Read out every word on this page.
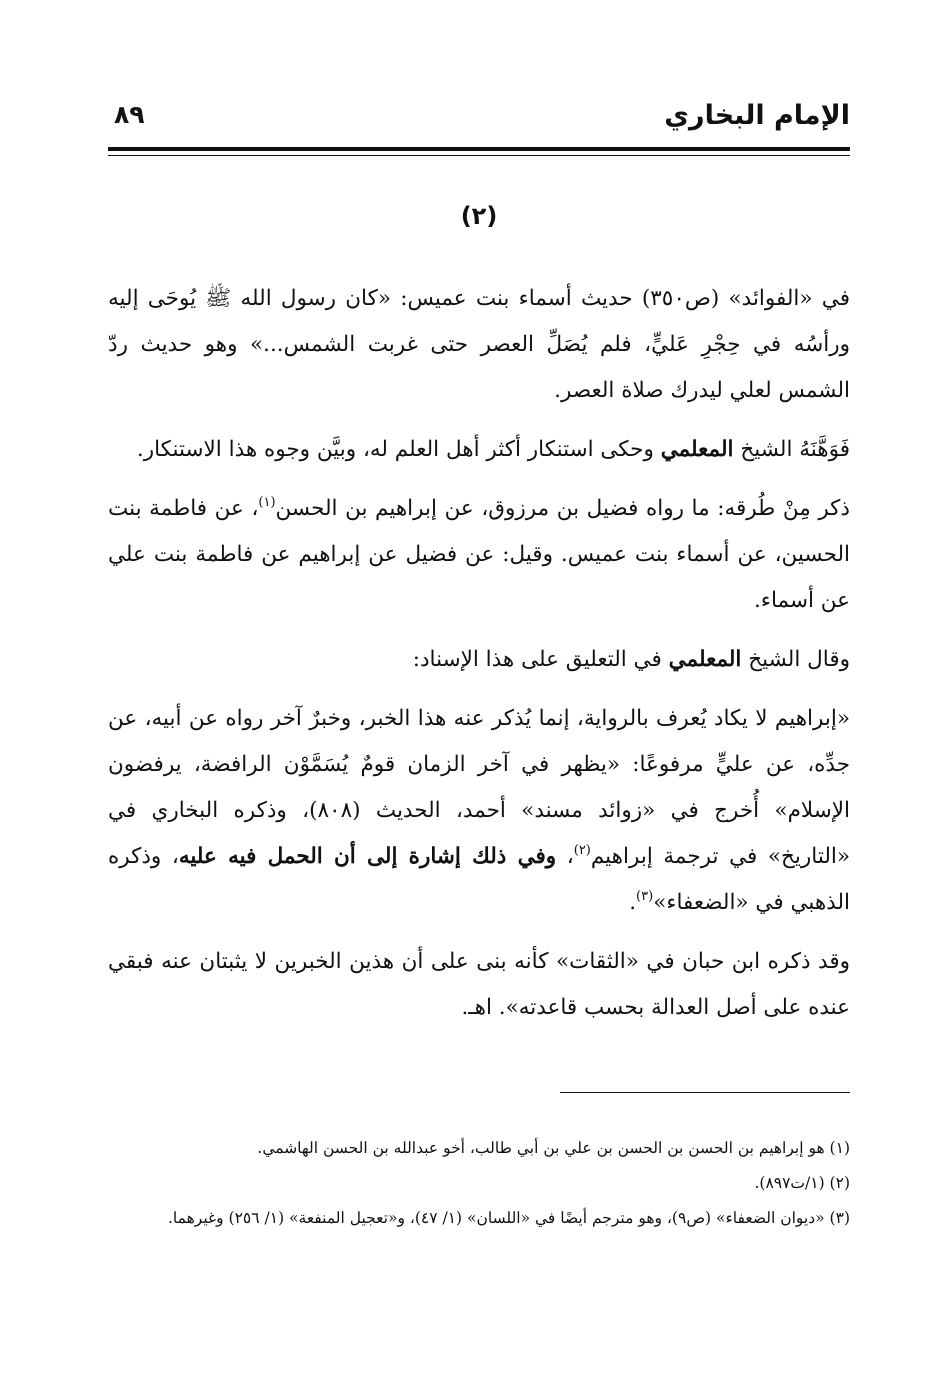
الإمام البخاري
٨٩
(٢)

في «الفوائد» (ص٣٥٠) حديث أسماء بنت عميس: «كان رسول الله ﷺ يُوحَى إليه ورأسُه في حِجْرِ عَليٍّ، فلم يُصَلِّ العصر حتى غربت الشمس...» وهو حديث ردّ الشمس لعلي ليدرك صلاة العصر.

فَوَهَّنَهُ الشيخ المعلمي وحكى استنكار أكثر أهل العلم له، وبيَّن وجوه هذا الاستنكار.

ذكر مِنْ طُرقه: ما رواه فضيل بن مرزوق، عن إبراهيم بن الحسن$^{(١)}$، عن فاطمة بنت الحسين، عن أسماء بنت عميس. وقيل: عن فضيل عن إبراهيم عن فاطمة بنت علي عن أسماء.

وقال الشيخ المعلمي في التعليق على هذا الإسناد:

«إبراهيم لا يكاد يُعرف بالرواية، إنما يُذكر عنه هذا الخبر، وخبرٌ آخر رواه عن أبيه، عن جدِّه، عن عليٍّ مرفوعًا: «يظهر في آخر الزمان قومٌ يُسَمَّوْن الرافضة، يرفضون الإسلام» أُخرج في «زوائد مسند» أحمد، الحديث (٨٠٨)، وذكره البخاري في «التاريخ» في ترجمة إبراهيم$^{(٢)}$، وفي ذلك إشارة إلى أن الحمل فيه عليه، وذكره الذهبي في «الضعفاء»$^{(٣)}$.

وقد ذكره ابن حبان في «الثقات» كأنه بنى على أن هذين الخبرين لا يثبتان عنه فبقي عنده على أصل العدالة بحسب قاعدته». اهـ.

(١) هو إبراهيم بن الحسن بن الحسن بن علي بن أبي طالب، أخو عبدالله بن الحسن الهاشمي.

(٢) (١/ت٨٩٧).

(٣) «ديوان الضعفاء» (ص٩)، وهو مترجم أيضًا في «اللسان» (١/ ٤٧)، و«تعجيل المنفعة» (١/ ٢٥٦) وغيرهما.
